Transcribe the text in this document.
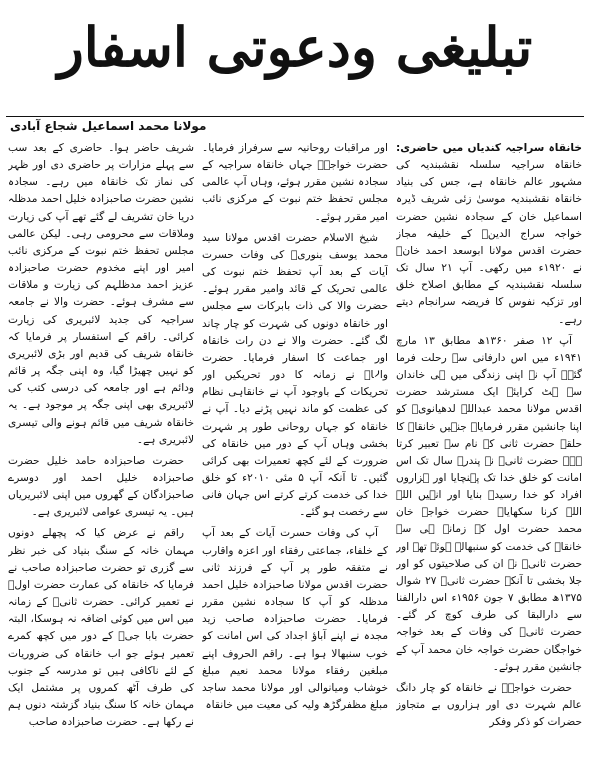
تبلیغی ودعوتی اسفار
مولانا محمد اسماعیل شجاع آبادی

خانقاہ سراجیہ کندیاں میں حاضری: خانقاہ سراجیہ سلسلہ نقشبندیہ کی مشہور عالم خانقاہ ہے، جس کی بنیاد خانقاہ نقشبندیہ موسیٰ زئی شریف ڈیرہ اسماعیل خان کے سجادہ نشین حضرت خواجہ سراج الدینؒ کے خلیفہ مجاز حضرت اقدس مولانا ابوسعد احمد خانؒ نے ۱۹۲۰ء میں رکھی۔ آپ ۲۱ سال تک سلسلہ نقشبندیہ کے مطابق اصلاح خلق اور تزکیہ نفوس کا فریضہ سرانجام دیتے رہے۔

آپ ۱۲ صفر ۱۳۶۰ھ مطابق ۱۳ مارچ ۱۹۴۱ء میں اس دارفانی سے رحلت فرما گئے۔ آپ نے اپنی زندگی میں ہی خاندان سے ہٹ کرایئے ایک مسترشد حضرت اقدس مولانا محمد عبداللہ لدھیانویؒ کو اپنا جانشین مقرر فرمایا۔ جنہیں خانقاہ کا حلقہ حضرت ثانی کے نام سے تعبیر کرتا ہے۔ حضرت ثانیؒ نے پندرہ سال تک اس امانت کو خلق خدا تک پہنچایا اور ہزاروں افراد کو خدا رسیدہ بنایا اور انہیں اللہ اللہ کرنا سکھایا۔ حضرت خواجہ خان محمد حضرت اول کے زمانہ ہی سے خانقاہ کی خدمت کو سنبھالے ہوئے تھے اور حضرت ثانیؒ نے ان کی صلاحیتوں کو اور جلا بخشی تا آنکہ حضرت ثانیؒ ۲۷ شوال ۱۳۷۵ھ مطابق ۷ جون ۱۹۵۶ء اس دارالفنا سے دارالبقا کی طرف کوچ کر گئے۔ حضرت ثانیؒ کی وفات کے بعد خواجہ خواجگان حضرت خواجہ خان محمد آپ کے جانشین مقرر ہوئے۔

حضرت خواجہؒ نے خانقاہ کو چار دانگ عالم شہرت دی اور ہزاروں بے متجاوز حضرات کو ذکر وفکر

اور مراقبات روحانیہ سے سرفراز فرمایا۔ حضرت خواجہؒ جہاں خانقاہ سراجیہ کے سجادہ نشین مقرر ہوئے، وہاں آپ عالمی مجلس تحفظ ختم نبوت کے مرکزی نائب امیر مقرر ہوئے۔

شیخ الاسلام حضرت اقدس مولانا سید محمد یوسف بنوریؒ کی وفات حسرت آیات کے بعد آپ تحفظ ختم نبوت کی عالمی تحریک کے قائد وامیر مقرر ہوئے۔ حضرت والا کی ذات بابرکات سے مجلس اور خانقاہ دونوں کی شہرت کو چار چاند لگ گئے۔ حضرت والا نے دن رات خانقاہ اور جماعت کا اسفار فرمایا۔ حضرت والاؒ نے زمانہ کا دور تحریکیں اور تحریکات کے باوجود آپ نے خانقاہی نظام کی عظمت کو ماند نہیں پڑنے دیا۔ آپ نے خانقاہ کو جہاں روحانی طور پر شہرت بخشی وہاں آپ کے دور میں خانقاہ کی ضرورت کے لئے کچھ تعمیرات بھی کرائی گئیں۔ تا آنکہ آپ ۵ مئی ۲۰۱۰ء کو خلق خدا کی خدمت کرتے کرتے اس جہان فانی سے رخصت ہو گئے۔

آپ کی وفات حسرت آیات کے بعد آپ کے خلفاء، جماعتی رفقاء اور اعزہ واقارب نے متفقہ طور پر آپ کے فرزند ثانی حضرت اقدس مولانا صاحبزادہ خلیل احمد مدظلہ کو آپ کا سجادہ نشین مقرر فرمایا۔ حضرت صاحبزادہ صاحب زید مجدہ نے اپنے آباؤ اجداد کی اس امانت کو خوب سنبھالا ہوا ہے۔ راقم الحروف اپنے مبلغین رفقاء مولانا محمد نعیم مبلغ خوشاب ومیانوالی اور مولانا محمد ساجد مبلغ مظفرگڑھ ولیہ کی معیت میں خانقاہ

شریف حاضر ہوا۔ حاضری کے بعد سب سے پہلے مزارات پر حاضری دی اور ظہر کی نماز تک خانقاہ میں رہے۔ سجادہ نشین حضرت صاحبزادہ خلیل احمد مدظلہ دریا خان تشریف لے گئے تھے آپ کی زیارت وملاقات سے محرومی رہی۔ لیکن عالمی مجلس تحفظ ختم نبوت کے مرکزی نائب امیر اور اپنے مخدوم حضرت صاحبزادہ عزیز احمد مدظلہم کی زیارت و ملاقات سے مشرف ہوئے۔ حضرت والا نے جامعہ سراجیہ کی جدید لائبریری کی زیارت کرائی۔ راقم کے استفسار پر فرمایا کہ خانقاہ شریف کی قدیم اور بڑی لائبریری کو نہیں چھیڑا گیا، وہ اپنی جگہ پر قائم ودائم ہے اور جامعہ کی درسی کتب کی لائبریری بھی اپنی جگہ پر موجود ہے۔ یہ خانقاہ شریف میں قائم ہونے والی تیسری لائبریری ہے۔

حضرت صاحبزادہ حامد خلیل حضرت صاحبزادہ خلیل احمد اور دوسرے صاحبزادگان کے گھروں میں اپنی لائبریریاں ہیں۔ یہ تیسری عوامی لائبریری ہے۔

راقم نے عرض کیا کہ پچھلے دونوں مہمان خانہ کے سنگ بنیاد کی خبر نظر سے گزری تو حضرت صاحبزادہ صاحب نے فرمایا کہ خانقاہ کی عمارت حضرت اولؒ نے تعمیر کرائی۔ حضرت ثانیؒ کے زمانہ میں اس میں کوئی اضافہ نہ ہوسکا، البتہ حضرت بابا جیؒ کے دور میں کچھ کمرے تعمیر ہوئے جو اب خانقاہ کی ضروریات کے لئے ناکافی ہیں تو مدرسہ کے جنوب کی طرف آٹھ کمروں پر مشتمل ایک مہمان خانہ کا سنگ بنیاد گزشتہ دنوں ہم نے رکھا ہے۔ حضرت صاحبزادہ صاحب
